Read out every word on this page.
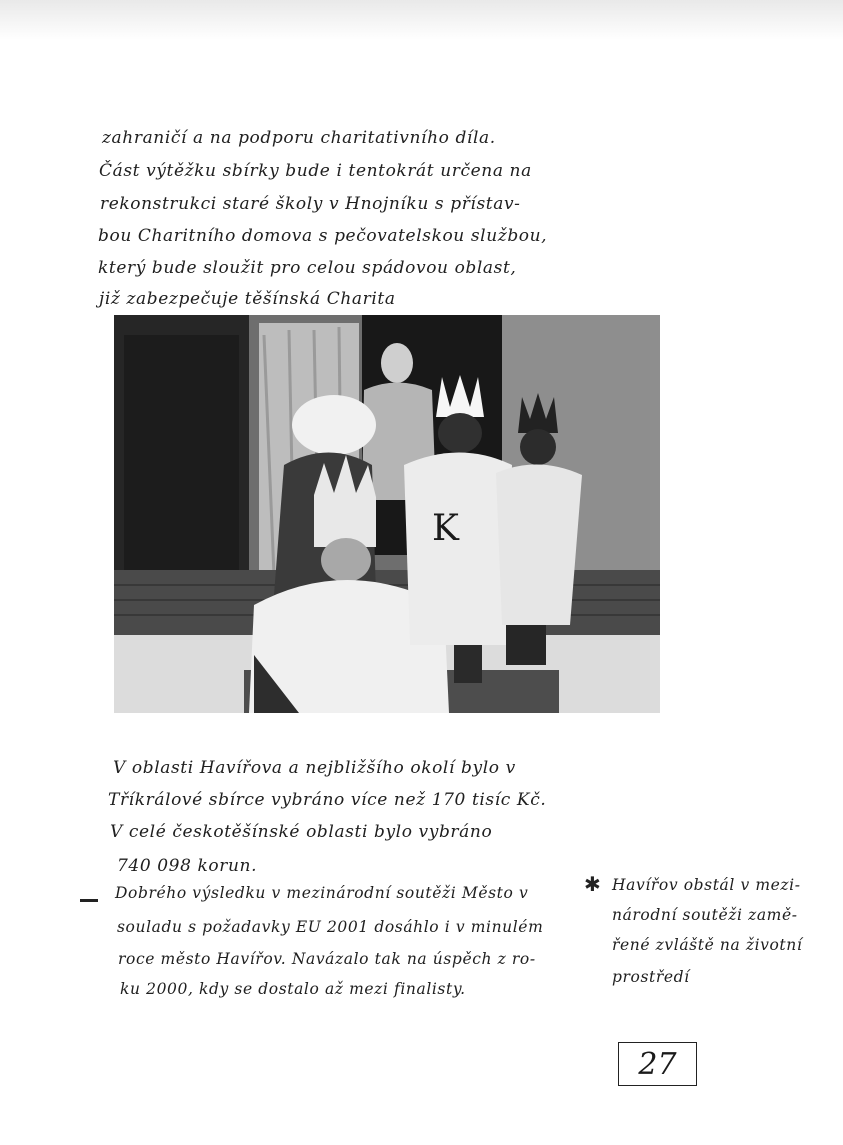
zahraničí a na podporu charitativního díla.
Část výtěžku sbírky bude i tentokrát určena na
rekonstrukci staré školy v Hnojníku s přístav-
bou Charitního domova s pečovatelskou službou,
který bude sloužit pro celou spádovou oblast,
již zabezpečuje těšínská Charita
K
V oblasti Havířova a nejbližšího okolí bylo v
Tříkrálové sbírce vybráno více než 170 tisíc Kč.
V celé českotěšínské oblasti bylo vybráno
740 098 korun.
Dobrého výsledku v mezinárodní soutěži Město v
souladu s požadavky EU 2001 dosáhlo i v minulém
roce město Havířov. Navázalo tak na úspěch z ro-
ku 2000, kdy se dostalo až mezi finalisty.
✱ Havířov obstál v mezi-
národní soutěži zamě-
řené zvláště na životní
prostředí
27
